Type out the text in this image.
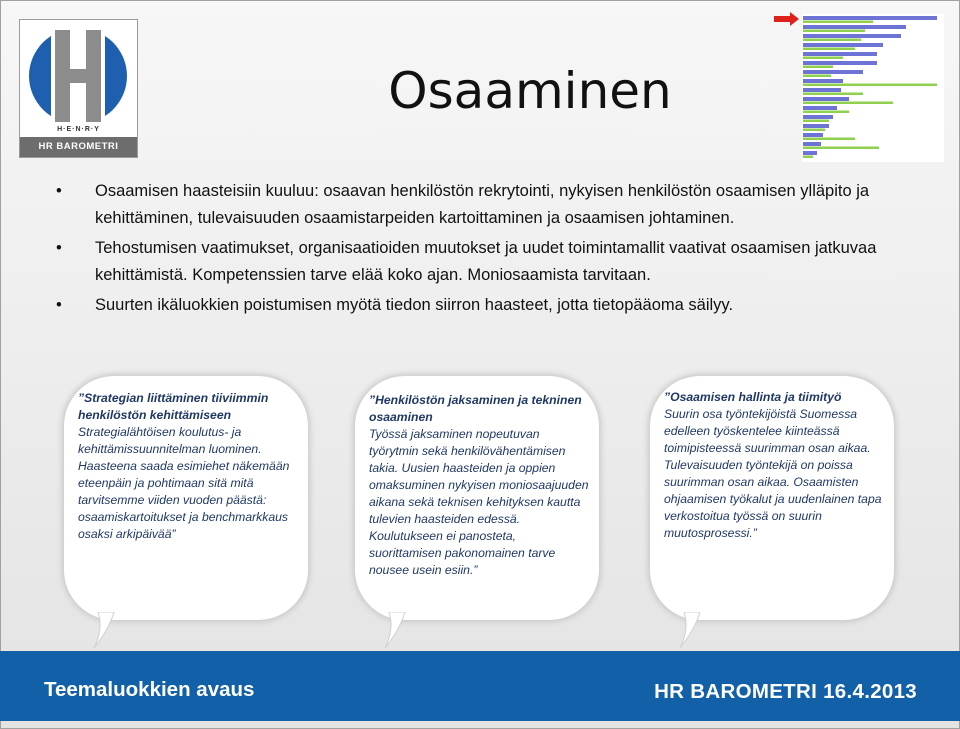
H·E·N·R·Y
HR BAROMETRI
Osaaminen
• Osaamisen haasteisiin kuuluu: osaavan henkilöstön rekrytointi, nykyisen henkilöstön osaamisen ylläpito ja kehittäminen, tulevaisuuden osaamistarpeiden kartoittaminen ja osaamisen johtaminen.
• Tehostumisen vaatimukset, organisaatioiden muutokset ja uudet toimintamallit vaativat osaamisen jatkuvaa kehittämistä. Kompetenssien tarve elää koko ajan. Moniosaamista tarvitaan.
• Suurten ikäluokkien poistumisen myötä tiedon siirron haasteet, jotta tietopääoma säilyy.
”Strategian liittäminen tiiviimmin henkilöstön kehittämiseen Strategialähtöisen koulutus- ja kehittämissuunnitelman luominen. Haasteena saada esimiehet näkemään eteenpäin ja pohtimaan sitä mitä tarvitsemme viiden vuoden päästä: osaamiskartoitukset ja benchmarkkaus osaksi arkipäivää”
”Henkilöstön jaksaminen ja tekninen osaaminen
Työssä jaksaminen nopeutuvan työrytmin sekä henkilövähentämisen takia. Uusien haasteiden ja oppien omaksuminen nykyisen moniosaajuuden aikana sekä teknisen kehityksen kautta tulevien haasteiden edessä. Koulutukseen ei panosteta, suorittamisen pakonomainen tarve nousee usein esiin.”
”Osaamisen hallinta ja tiimityö
Suurin osa työntekijöistä Suomessa edelleen työskentelee kiinteässä toimipisteessä suurimman osan aikaa. Tulevaisuuden työntekijä on poissa suurimman osan aikaa. Osaamisten ohjaamisen työkalut ja uudenlainen tapa verkostoitua työssä on suurin muutosprosessi.”
Teemaluokkien avaus	HR BAROMETRI 16.4.2013
